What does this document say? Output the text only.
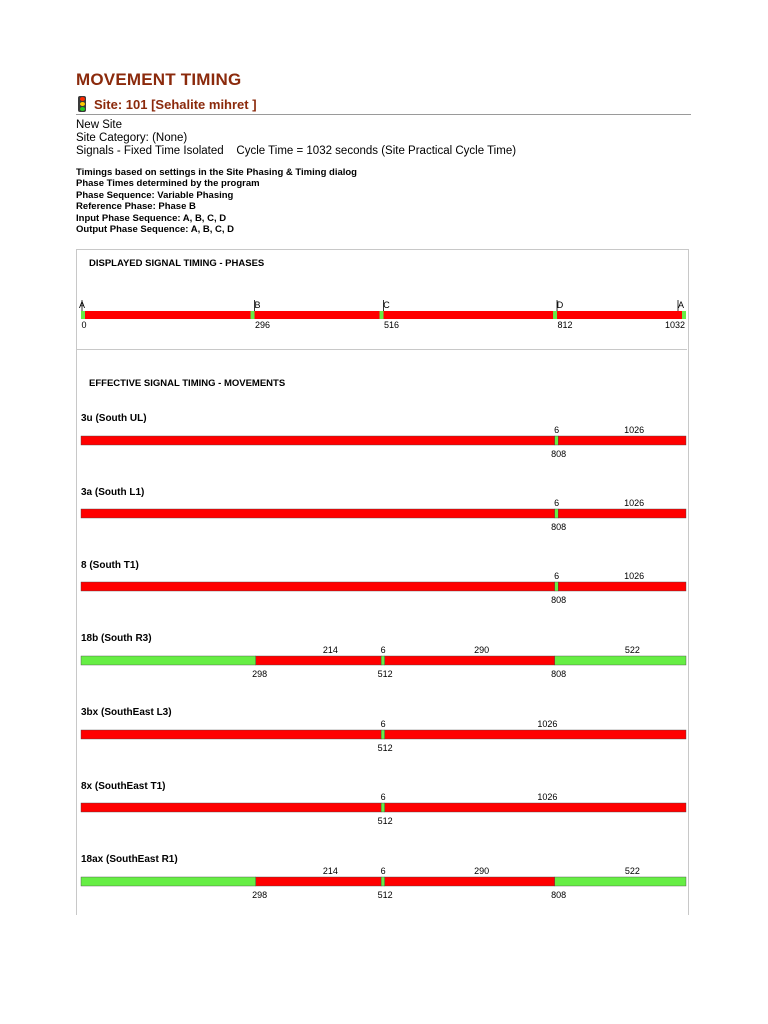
MOVEMENT TIMING
Site: 101 [Sehalite mihret ]
New Site
Site Category: (None)
Signals - Fixed Time Isolated    Cycle Time = 1032 seconds (Site Practical Cycle Time)
Timings based on settings in the Site Phasing & Timing dialog
Phase Times determined by the program
Phase Sequence: Variable Phasing
Reference Phase: Phase B
Input Phase Sequence: A, B, C, D
Output Phase Sequence: A, B, C, D
DISPLAYED SIGNAL TIMING - PHASES
EFFECTIVE SIGNAL TIMING - MOVEMENTS
3u (South UL)
3a (South L1)
8 (South T1)
18b (South R3)
3bx (SouthEast L3)
8x (SouthEast T1)
18ax (SouthEast R1)
A	B	C	D	A
0	296	516	812	1032
808
6	1026
808
6	1026
808
6	1026
298	512	808
214	6	290	522
512
6	1026
512
6	1026
298	512	808
214	6	290	522
